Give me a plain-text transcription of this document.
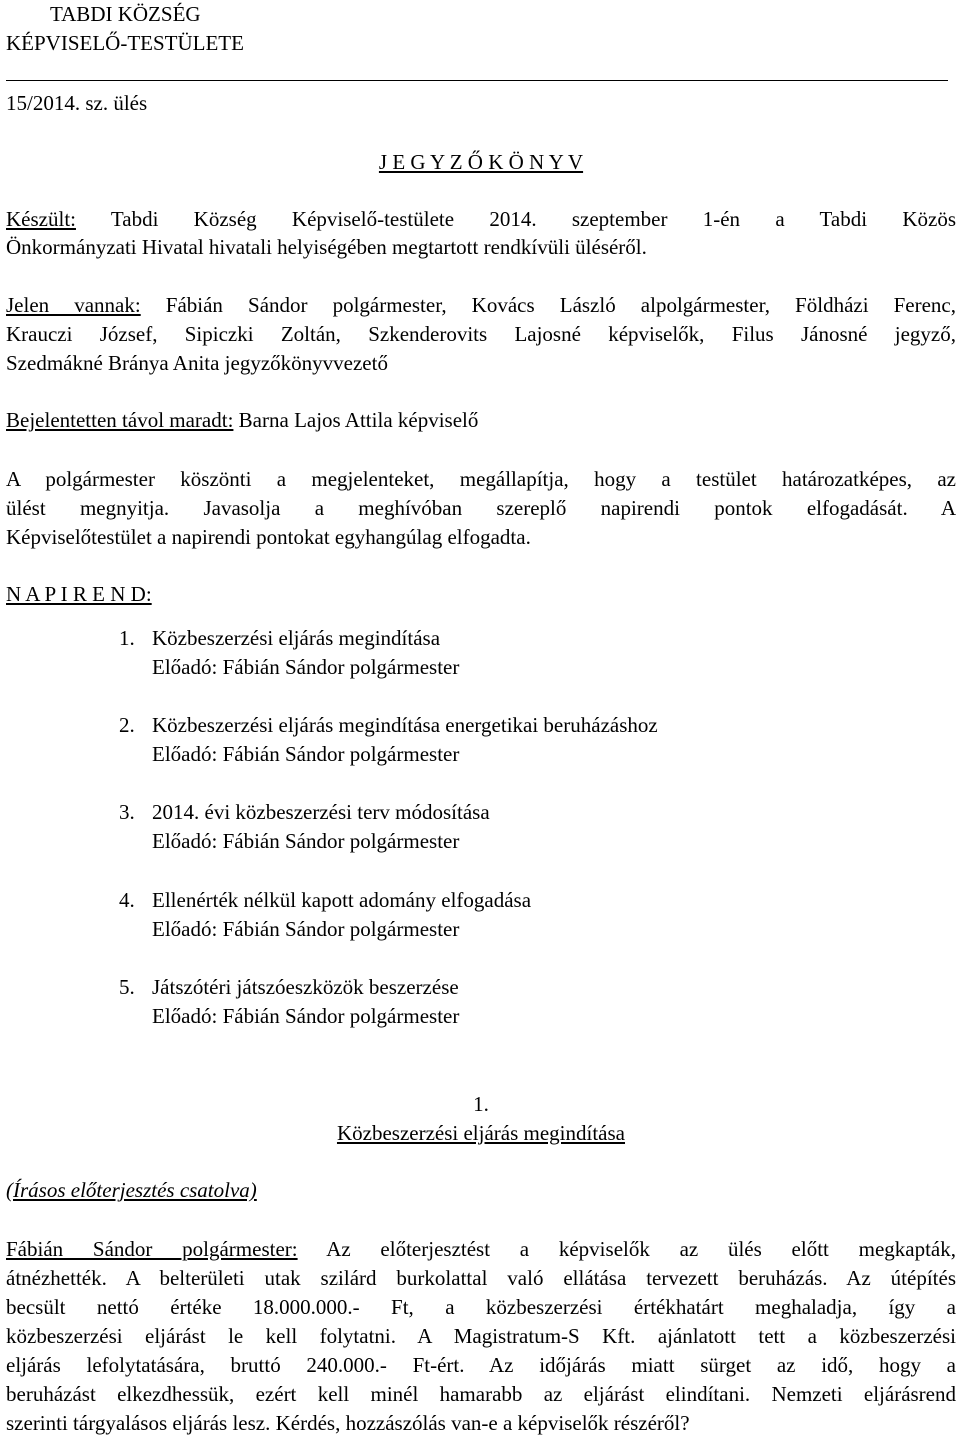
TABDI KÖZSÉG
KÉPVISELŐ-TESTÜLETE
15/2014. sz. ülés
J E G Y Z Ő K Ö N Y V
Készült: Tabdi Község Képviselő-testülete 2014. szeptember 1-én a Tabdi Közös
Önkormányzati Hivatal hivatali helyiségében megtartott rendkívüli üléséről.
Jelen vannak: Fábián Sándor polgármester, Kovács László alpolgármester, Földházi Ferenc,
Krauczi József, Sipiczki Zoltán, Szkenderovits Lajosné képviselők, Filus Jánosné jegyző,
Szedmákné Bránya Anita jegyzőkönyvvezető
Bejelentetten távol maradt: Barna Lajos Attila képviselő
A polgármester köszönti a megjelenteket, megállapítja, hogy a testület határozatképes, az
ülést megnyitja. Javasolja a meghívóban szereplő napirendi pontok elfogadását. A
Képviselőtestület a napirendi pontokat egyhangúlag elfogadta.
N A P I R E N D:
1. Közbeszerzési eljárás megindítása
Előadó: Fábián Sándor polgármester
2. Közbeszerzési eljárás megindítása energetikai beruházáshoz
Előadó: Fábián Sándor polgármester
3. 2014. évi közbeszerzési terv módosítása
Előadó: Fábián Sándor polgármester
4. Ellenérték nélkül kapott adomány elfogadása
Előadó: Fábián Sándor polgármester
5. Játszótéri játszóeszközök beszerzése
Előadó: Fábián Sándor polgármester
1.
Közbeszerzési eljárás megindítása
(Írásos előterjesztés csatolva)
Fábián Sándor polgármester: Az előterjesztést a képviselők az ülés előtt megkapták,
átnézhették. A belterületi utak szilárd burkolattal való ellátása tervezett beruházás. Az útépítés
becsült nettó értéke 18.000.000.- Ft, a közbeszerzési értékhatárt meghaladja, így a
közbeszerzési eljárást le kell folytatni. A Magistratum-S Kft. ajánlatott tett a közbeszerzési
eljárás lefolytatására, bruttó 240.000.- Ft-ért. Az időjárás miatt sürget az idő, hogy a
beruházást elkezdhessük, ezért kell minél hamarabb az eljárást elindítani. Nemzeti eljárásrend
szerinti tárgyalásos eljárás lesz. Kérdés, hozzászólás van-e a képviselők részéről?
